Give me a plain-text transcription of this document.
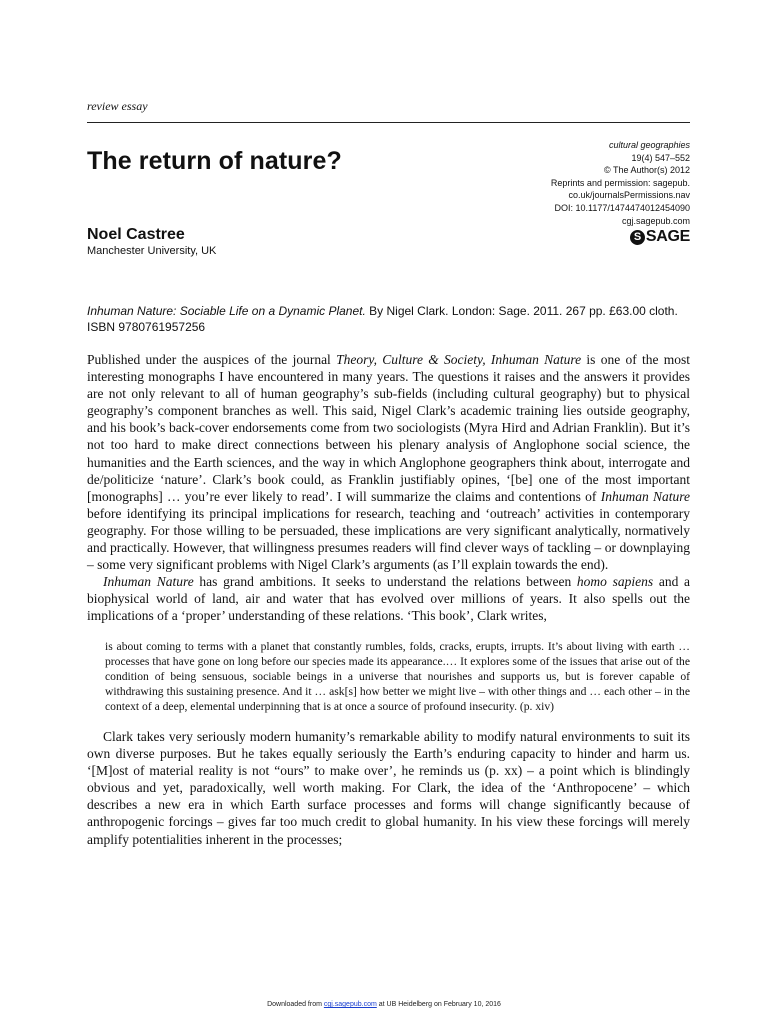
review essay
The return of nature?
cultural geographies
19(4) 547–552
© The Author(s) 2012
Reprints and permission: sagepub.
co.uk/journalsPermissions.nav
DOI: 10.1177/1474474012454090
cgj.sagepub.com
S SAGE
Noel Castree
Manchester University, UK
Inhuman Nature: Sociable Life on a Dynamic Planet. By Nigel Clark. London: Sage. 2011. 267 pp. £63.00 cloth. ISBN 9780761957256

Published under the auspices of the journal Theory, Culture & Society, Inhuman Nature is one of the most interesting monographs I have encountered in many years. The questions it raises and the answers it provides are not only relevant to all of human geography’s sub-fields (including cultural geography) but to physical geography’s component branches as well. This said, Nigel Clark’s academic training lies outside geography, and his book’s back-cover endorsements come from two sociologists (Myra Hird and Adrian Franklin). But it’s not too hard to make direct connections between his plenary analysis of Anglophone social science, the humanities and the Earth sciences, and the way in which Anglophone geographers think about, interrogate and de/politicize ‘nature’. Clark’s book could, as Franklin justifiably opines, ‘[be] one of the most important [monographs] … you’re ever likely to read’. I will summarize the claims and contentions of Inhuman Nature before identifying its principal implications for research, teaching and ‘outreach’ activities in contemporary geography. For those willing to be persuaded, these implications are very significant analytically, normatively and practically. However, that willingness presumes readers will find clever ways of tackling – or downplaying – some very significant problems with Nigel Clark’s arguments (as I’ll explain towards the end).

Inhuman Nature has grand ambitions. It seeks to understand the relations between homo sapiens and a biophysical world of land, air and water that has evolved over millions of years. It also spells out the implications of a ‘proper’ understanding of these relations. ‘This book’, Clark writes,

is about coming to terms with a planet that constantly rumbles, folds, cracks, erupts, irrupts. It’s about living with earth … processes that have gone on long before our species made its appearance.… It explores some of the issues that arise out of the condition of being sensuous, sociable beings in a universe that nourishes and supports us, but is forever capable of withdrawing this sustaining presence. And it … ask[s] how better we might live – with other things and … each other – in the context of a deep, elemental underpinning that is at once a source of profound insecurity. (p. xiv)

Clark takes very seriously modern humanity’s remarkable ability to modify natural environments to suit its own diverse purposes. But he takes equally seriously the Earth’s enduring capacity to hinder and harm us. ‘[M]ost of material reality is not “ours” to make over’, he reminds us (p. xx) – a point which is blindingly obvious and yet, paradoxically, well worth making. For Clark, the idea of the ‘Anthropocene’ – which describes a new era in which Earth surface processes and forms will change significantly because of anthropogenic forcings – gives far too much credit to global humanity. In his view these forcings will merely amplify potentialities inherent in the processes;

Downloaded from cgj.sagepub.com at UB Heidelberg on February 10, 2016
